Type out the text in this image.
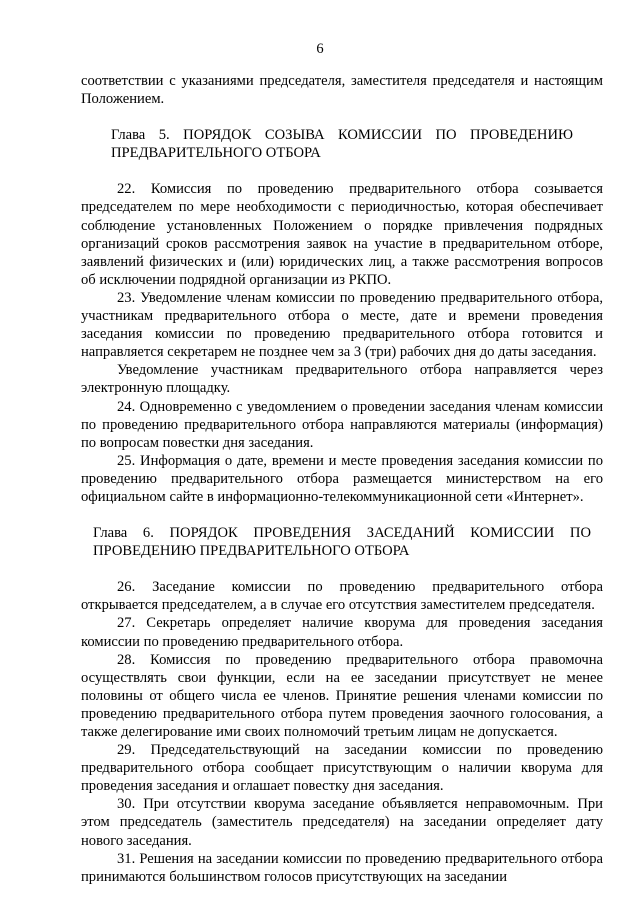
6

соответствии с указаниями председателя, заместителя председателя и настоящим Положением.

Глава 5. ПОРЯДОК СОЗЫВА КОМИССИИ ПО ПРОВЕДЕНИЮ ПРЕДВАРИТЕЛЬНОГО ОТБОРА

22. Комиссия по проведению предварительного отбора созывается председателем по мере необходимости с периодичностью, которая обеспечивает соблюдение установленных Положением о порядке привлечения подрядных организаций сроков рассмотрения заявок на участие в предварительном отборе, заявлений физических и (или) юридических лиц, а также рассмотрения вопросов об исключении подрядной организации из РКПО.

23. Уведомление членам комиссии по проведению предварительного отбора, участникам предварительного отбора о месте, дате и времени проведения заседания комиссии по проведению предварительного отбора готовится и направляется секретарем не позднее чем за 3 (три) рабочих дня до даты заседания.

Уведомление участникам предварительного отбора направляется через электронную площадку.

24. Одновременно с уведомлением о проведении заседания членам комиссии по проведению предварительного отбора направляются материалы (информация) по вопросам повестки дня заседания.

25. Информация о дате, времени и месте проведения заседания комиссии по проведению предварительного отбора размещается министерством на его официальном сайте в информационно-телекоммуникационной сети «Интернет».

Глава 6. ПОРЯДОК ПРОВЕДЕНИЯ ЗАСЕДАНИЙ КОМИССИИ ПО ПРОВЕДЕНИЮ ПРЕДВАРИТЕЛЬНОГО ОТБОРА

26. Заседание комиссии по проведению предварительного отбора открывается председателем, а в случае его отсутствия заместителем председателя.

27. Секретарь определяет наличие кворума для проведения заседания комиссии по проведению предварительного отбора.

28. Комиссия по проведению предварительного отбора правомочна осуществлять свои функции, если на ее заседании присутствует не менее половины от общего числа ее членов. Принятие решения членами комиссии по проведению предварительного отбора путем проведения заочного голосования, а также делегирование ими своих полномочий третьим лицам не допускается.

29. Председательствующий на заседании комиссии по проведению предварительного отбора сообщает присутствующим о наличии кворума для проведения заседания и оглашает повестку дня заседания.

30. При отсутствии кворума заседание объявляется неправомочным. При этом председатель (заместитель председателя) на заседании определяет дату нового заседания.

31. Решения на заседании комиссии по проведению предварительного отбора принимаются большинством голосов присутствующих на заседании
